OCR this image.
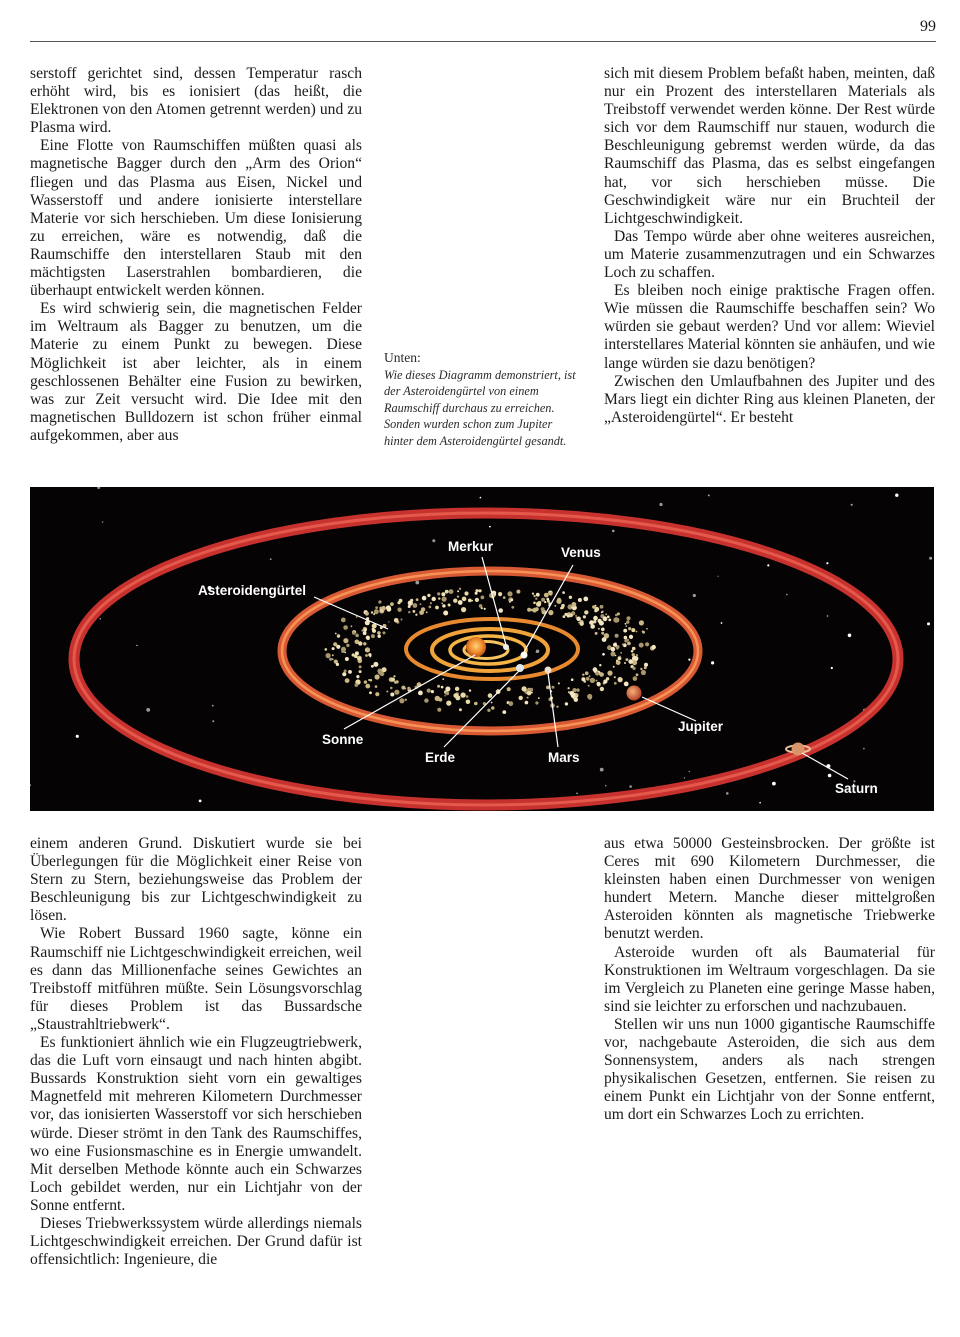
99

serstoff gerichtet sind, dessen Temperatur rasch erhöht wird, bis es ionisiert (das heißt, die Elektronen von den Atomen getrennt werden) und zu Plasma wird.

Eine Flotte von Raumschiffen müßten quasi als magnetische Bagger durch den „Arm des Orion“ fliegen und das Plasma aus Eisen, Nickel und Wasserstoff und andere ionisierte interstellare Materie vor sich herschieben. Um diese Ionisierung zu erreichen, wäre es notwendig, daß die Raumschiffe den interstellaren Staub mit den mächtigsten Laserstrahlen bombardieren, die überhaupt entwickelt werden können.

Es wird schwierig sein, die magnetischen Felder im Weltraum als Bagger zu benutzen, um die Materie zu einem Punkt zu bewegen. Diese Möglichkeit ist aber leichter, als in einem geschlossenen Behälter eine Fusion zu bewirken, was zur Zeit versucht wird. Die Idee mit den magnetischen Bulldozern ist schon früher einmal aufgekommen, aber aus

Unten:
Wie dieses Diagramm demonstriert, ist der Asteroidengürtel von einem Raumschiff durchaus zu erreichen. Sonden wurden schon zum Jupiter hinter dem Asteroidengürtel gesandt.

sich mit diesem Problem befaßt haben, meinten, daß nur ein Prozent des interstellaren Materials als Treibstoff verwendet werden könne. Der Rest würde sich vor dem Raumschiff nur stauen, wodurch die Beschleunigung gebremst werden würde, da das Raumschiff das Plasma, das es selbst eingefangen hat, vor sich herschieben müsse. Die Geschwindigkeit wäre nur ein Bruchteil der Lichtgeschwindigkeit.

Das Tempo würde aber ohne weiteres ausreichen, um Materie zusammenzutragen und ein Schwarzes Loch zu schaffen.

Es bleiben noch einige praktische Fragen offen. Wie müssen die Raumschiffe beschaffen sein? Wo würden sie gebaut werden? Und vor allem: Wieviel interstellares Material könnten sie anhäufen, und wie lange würden sie dazu benötigen?

Zwischen den Umlaufbahnen des Jupiter und des Mars liegt ein dichter Ring aus kleinen Planeten, der „Asteroidengürtel“. Er besteht

Merkur	Venus
Asteroidengürtel
Sonne
Erde	Mars
Jupiter
Saturn

einem anderen Grund. Diskutiert wurde sie bei Überlegungen für die Möglichkeit einer Reise von Stern zu Stern, beziehungsweise das Problem der Beschleunigung bis zur Lichtgeschwindigkeit zu lösen.

Wie Robert Bussard 1960 sagte, könne ein Raumschiff nie Lichtgeschwindigkeit erreichen, weil es dann das Millionenfache seines Gewichtes an Treibstoff mitführen müßte. Sein Lösungsvorschlag für dieses Problem ist das Bussardsche „Staustrahltriebwerk“.

Es funktioniert ähnlich wie ein Flugzeugtriebwerk, das die Luft vorn einsaugt und nach hinten abgibt. Bussards Konstruktion sieht vorn ein gewaltiges Magnetfeld mit mehreren Kilometern Durchmesser vor, das ionisierten Wasserstoff vor sich herschieben würde. Dieser strömt in den Tank des Raumschiffes, wo eine Fusionsmaschine es in Energie umwandelt. Mit derselben Methode könnte auch ein Schwarzes Loch gebildet werden, nur ein Lichtjahr von der Sonne entfernt.

Dieses Triebwerkssystem würde allerdings niemals Lichtgeschwindigkeit erreichen. Der Grund dafür ist offensichtlich: Ingenieure, die

aus etwa 50000 Gesteinsbrocken. Der größte ist Ceres mit 690 Kilometern Durchmesser, die kleinsten haben einen Durchmesser von wenigen hundert Metern. Manche dieser mittelgroßen Asteroiden könnten als magnetische Triebwerke benutzt werden.

Asteroide wurden oft als Baumaterial für Konstruktionen im Weltraum vorgeschlagen. Da sie im Vergleich zu Planeten eine geringe Masse haben, sind sie leichter zu erforschen und nachzubauen.

Stellen wir uns nun 1000 gigantische Raumschiffe vor, nachgebaute Asteroiden, die sich aus dem Sonnensystem, anders als nach strengen physikalischen Gesetzen, entfernen. Sie reisen zu einem Punkt ein Lichtjahr von der Sonne entfernt, um dort ein Schwarzes Loch zu errichten.
